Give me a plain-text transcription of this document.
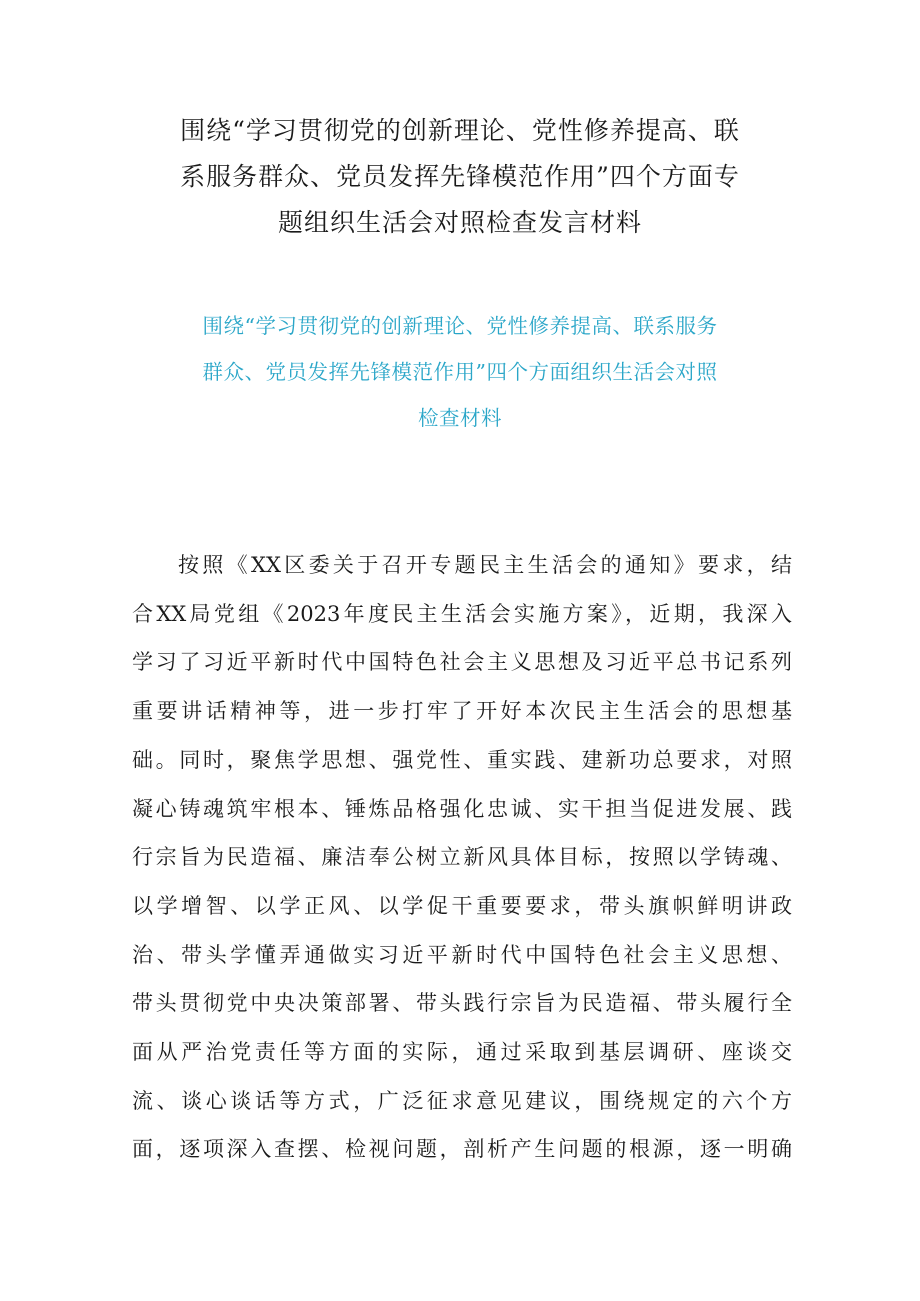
围绕“学习贯彻党的创新理论、党性修养提高、联
系服务群众、党员发挥先锋模范作用”四个方面专
题组织生活会对照检查发言材料
围绕“学习贯彻党的创新理论、党性修养提高、联系服务
群众、党员发挥先锋模范作用”四个方面组织生活会对照
检查材料

按照《XX区委关于召开专题民主生活会的通知》要求，结
合XX局党组《2023年度民主生活会实施方案》，近期，我深入
学习了习近平新时代中国特色社会主义思想及习近平总书记系列
重要讲话精神等，进一步打牢了开好本次民主生活会的思想基
础。同时，聚焦学思想、强党性、重实践、建新功总要求，对照
凝心铸魂筑牢根本、锤炼品格强化忠诚、实干担当促进发展、践
行宗旨为民造福、廉洁奉公树立新风具体目标，按照以学铸魂、
以学增智、以学正风、以学促干重要要求，带头旗帜鲜明讲政
治、带头学懂弄通做实习近平新时代中国特色社会主义思想、
带头贯彻党中央决策部署、带头践行宗旨为民造福、带头履行全
面从严治党责任等方面的实际，通过采取到基层调研、座谈交
流、谈心谈话等方式，广泛征求意见建议，围绕规定的六个方
面，逐项深入查摆、检视问题，剖析产生问题的根源，逐一明确
